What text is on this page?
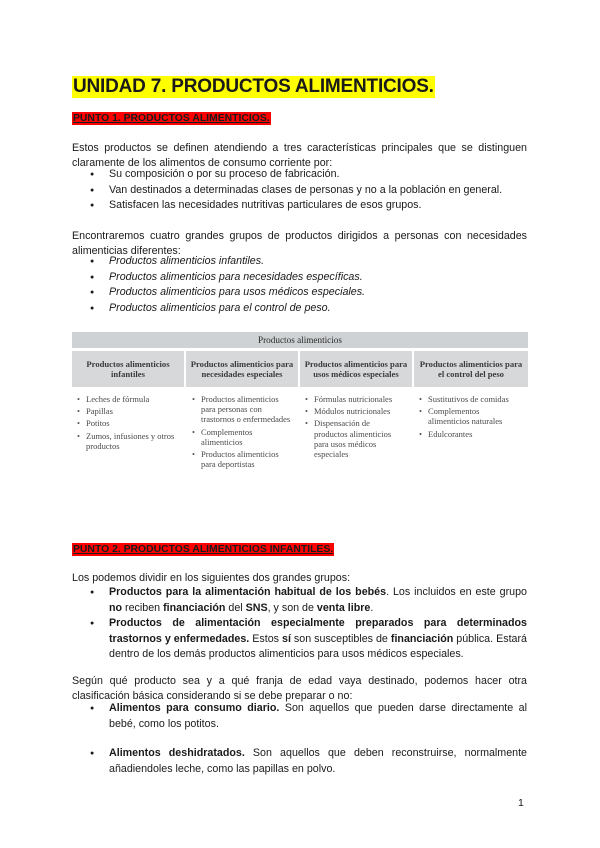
UNIDAD 7. PRODUCTOS ALIMENTICIOS.
PUNTO 1. PRODUCTOS ALIMENTICIOS.

Estos productos se definen atendiendo a tres características principales que se distinguen claramente de los alimentos de consumo corriente por:

● Su composición o por su proceso de fabricación.
● Van destinados a determinadas clases de personas y no a la población en general.
● Satisfacen las necesidades nutritivas particulares de esos grupos.

Encontraremos cuatro grandes grupos de productos dirigidos a personas con necesidades alimenticias diferentes:

● Productos alimenticios infantiles.
● Productos alimenticios para necesidades específicas.
● Productos alimenticios para usos médicos especiales.
● Productos alimenticios para el control de peso.
Productos alimenticios
Productos alimenticios infantiles
Productos alimenticios para necesidades especiales
Productos alimenticios para usos médicos especiales
Productos alimenticios para el control del peso
• Leches de fórmula
• Papillas
• Potitos
• Zumos, infusiones y otros productos
• Productos alimenticios para personas con trastornos o enfermedades
• Complementos alimenticios
• Productos alimenticios para deportistas
• Fórmulas nutricionales
• Módulos nutricionales
• Dispensación de productos alimenticios para usos médicos especiales
• Sustitutivos de comidas
• Complementos alimenticios naturales
• Edulcorantes
PUNTO 2. PRODUCTOS ALIMENTICIOS INFANTILES.

Los podemos dividir en los siguientes dos grandes grupos:

● Productos para la alimentación habitual de los bebés. Los incluidos en este grupo no reciben financiación del SNS, y son de venta libre.
● Productos de alimentación especialmente preparados para determinados trastornos y enfermedades. Estos sí son susceptibles de financiación pública. Estará dentro de los demás productos alimenticios para usos médicos especiales.

Según qué producto sea y a qué franja de edad vaya destinado, podemos hacer otra clasificación básica considerando si se debe preparar o no:

● Alimentos para consumo diario. Son aquellos que pueden darse directamente al bebé, como los potitos.
● Alimentos deshidratados. Son aquellos que deben reconstruirse, normalmente añadiendoles leche, como las papillas en polvo.
1
